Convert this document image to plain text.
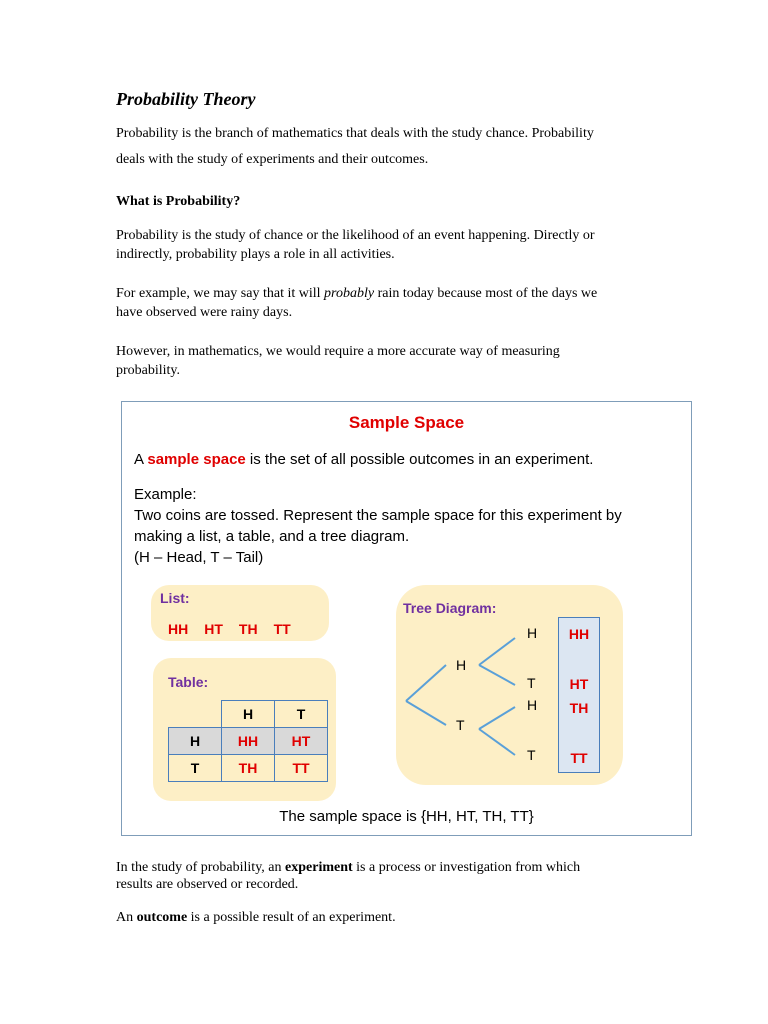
Probability Theory
Probability is the branch of mathematics that deals with the study chance. Probability
deals with the study of experiments and their outcomes.
What is Probability?
Probability is the study of chance or the likelihood of an event happening. Directly or
indirectly, probability plays a role in all activities.
For example, we may say that it will probably rain today because most of the days we
have observed were rainy days.
However, in mathematics, we would require a more accurate way of measuring
probability.
Sample Space
A sample space is the set of all possible outcomes in an experiment.
Example:
Two coins are tossed. Represent the sample space for this experiment by
making a list, a table, and a tree diagram.
(H – Head, T – Tail)
List:
HH HT TH TT
Table:
	H	T
H	HH	HT
T	TH	TT
Tree Diagram:
H
T
H
T
H
T
HH
HT
TH
TT
The sample space is {HH, HT, TH, TT}
In the study of probability, an experiment is a process or investigation from which
results are observed or recorded.
An outcome is a possible result of an experiment.
